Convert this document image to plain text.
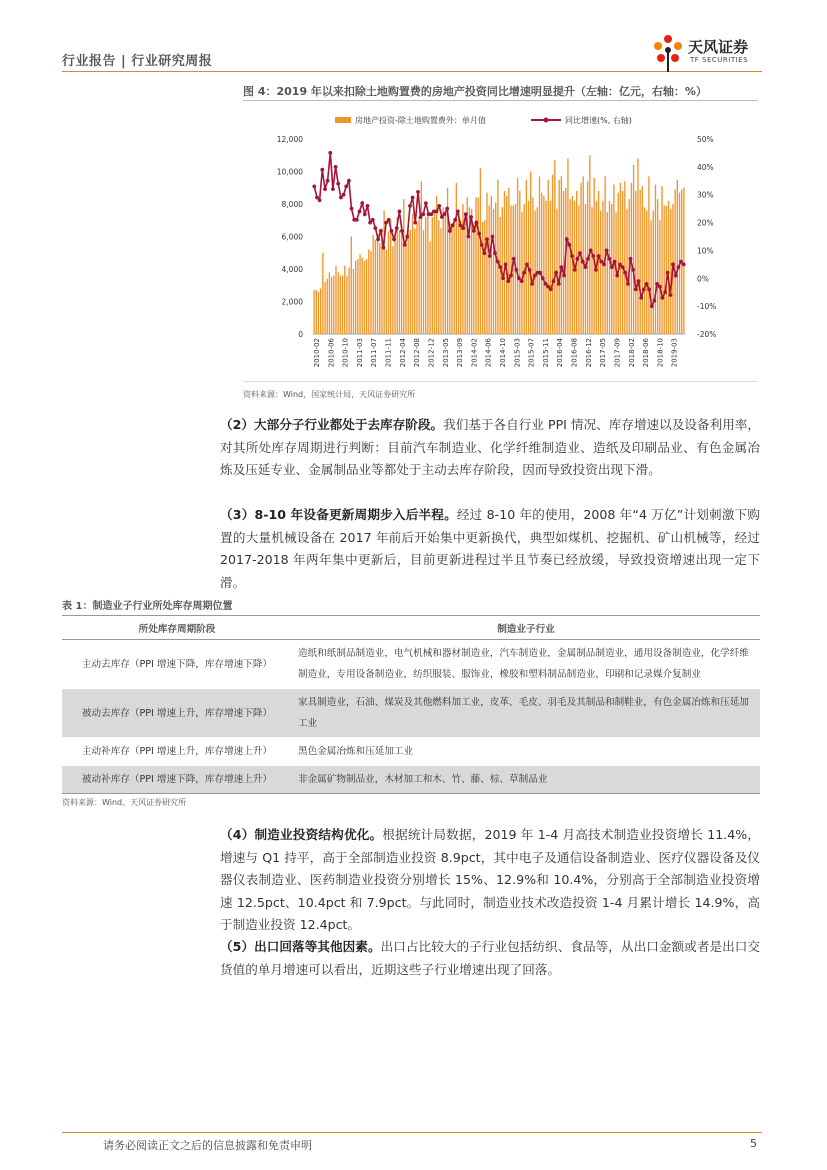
行业报告 | 行业研究周报
天风证券
TF SECURITIES
图 4：2019 年以来扣除土地购置费的房地产投资同比增速明显提升（左轴：亿元，右轴：%）
房地产投资-除土地购置费外：单月值	同比增速(%, 右轴)
0
2,000
4,000
6,000
8,000
10,000
12,000
-20%
-10%
0%
10%
20%
30%
40%
50%
2010-02 2010-06 2010-10 2011-03 2011-07 2011-11 2012-04 2012-08 2012-12 2013-05 2013-09 2014-02 2014-06 2014-10 2015-03 2015-07 2015-11 2016-04 2016-08 2016-12 2017-05 2017-09 2018-02 2018-06 2018-10 2019-03
资料来源：Wind，国家统计局，天风证券研究所
（2）大部分子行业都处于去库存阶段。我们基于各自行业 PPI 情况、库存增速以及设备利用率，对其所处库存周期进行判断：目前汽车制造业、化学纤维制造业、造纸及印刷品业、有色金属冶炼及压延专业、金属制品业等都处于主动去库存阶段，因而导致投资出现下滑。
（3）8-10 年设备更新周期步入后半程。经过 8-10 年的使用，2008 年“4 万亿”计划刺激下购置的大量机械设备在 2017 年前后开始集中更新换代，典型如煤机、挖掘机、矿山机械等，经过 2017-2018 年两年集中更新后，目前更新进程过半且节奏已经放缓，导致投资增速出现一定下滑。
表 1：制造业子行业所处库存周期位置
所处库存周期阶段	制造业子行业
主动去库存（PPI 增速下降，库存增速下降）	造纸和纸制品制造业，电气机械和器材制造业，汽车制造业，金属制品制造业，通用设备制造业，化学纤维制造业，专用设备制造业，纺织服装、服饰业，橡胶和塑料制品制造业，印刷和记录媒介复制业
被动去库存（PPI 增速上升，库存增速下降）	家具制造业，石油、煤炭及其他燃料加工业，皮革、毛皮、羽毛及其制品和制鞋业，有色金属冶炼和压延加工业
主动补库存（PPI 增速上升，库存增速上升）	黑色金属冶炼和压延加工业
被动补库存（PPI 增速下降，库存增速上升）	非金属矿物制品业，木材加工和木、竹、藤、棕、草制品业
资料来源：Wind、天风证券研究所
（4）制造业投资结构优化。根据统计局数据，2019 年 1-4 月高技术制造业投资增长 11.4%，增速与 Q1 持平，高于全部制造业投资 8.9pct，其中电子及通信设备制造业、医疗仪器设备及仪器仪表制造业、医药制造业投资分别增长 15%、12.9%和 10.4%，分别高于全部制造业投资增速 12.5pct、10.4pct 和 7.9pct。与此同时，制造业技术改造投资 1-4 月累计增长 14.9%，高于制造业投资 12.4pct。
（5）出口回落等其他因素。出口占比较大的子行业包括纺织、食品等，从出口金额或者是出口交货值的单月增速可以看出，近期这些子行业增速出现了回落。
请务必阅读正文之后的信息披露和免责申明	5
